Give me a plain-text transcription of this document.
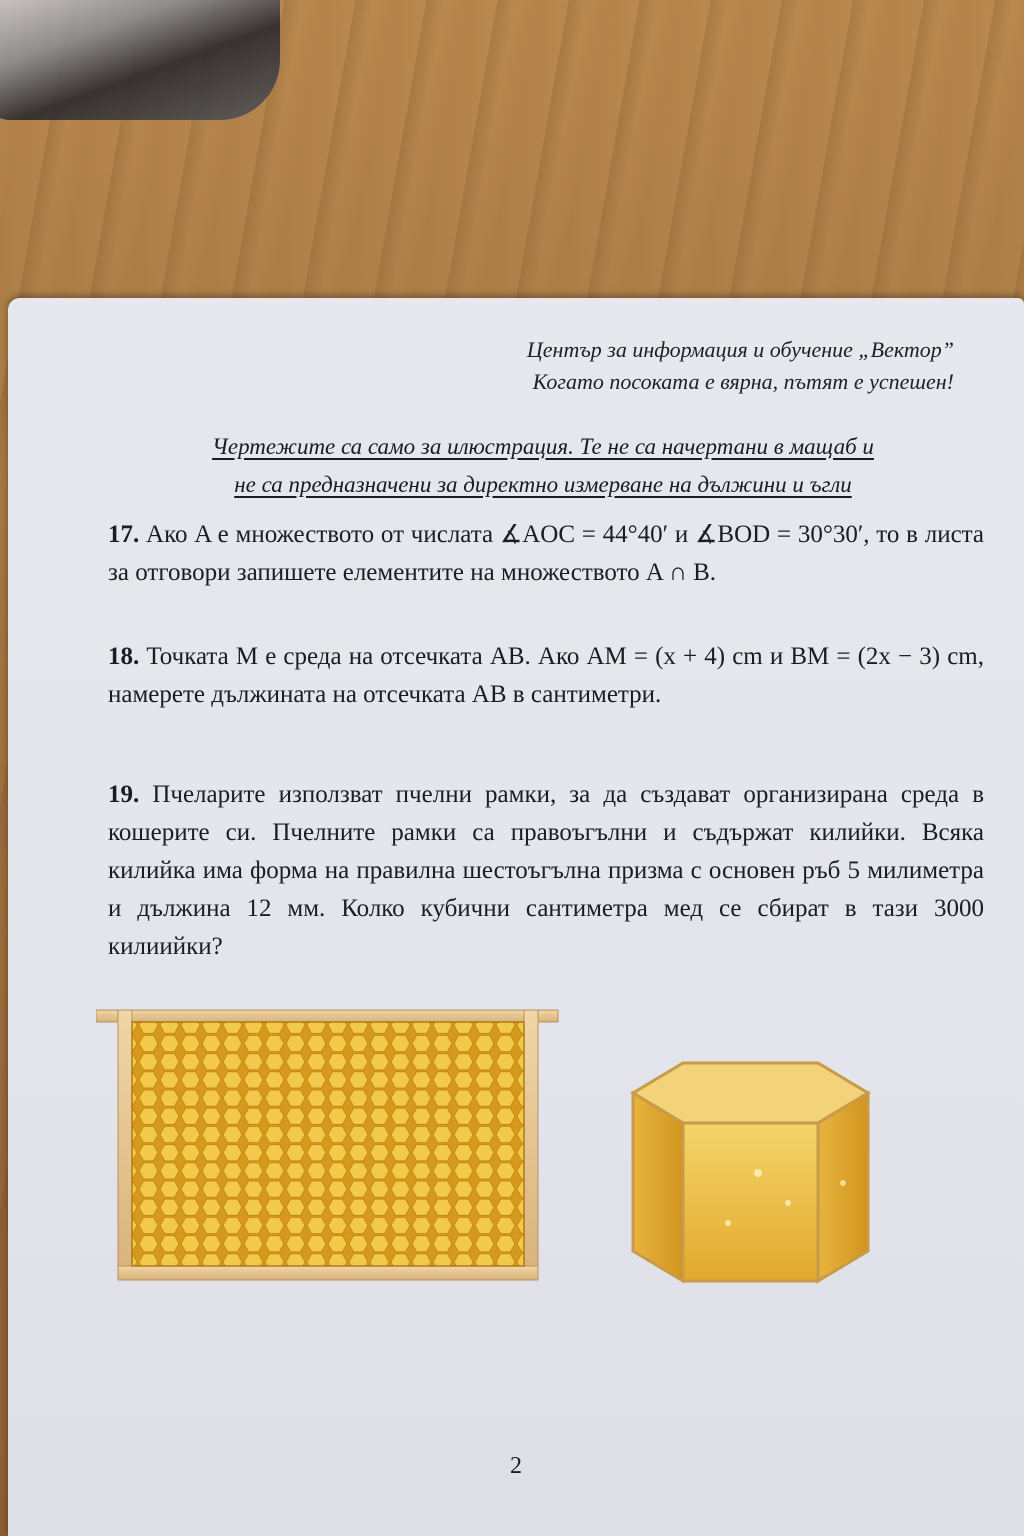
Център за информация и обучение „Вектор”
Когато посоката е вярна, пътят е успешен!
Чертежите са само за илюстрация. Те не са начертани в мащаб и
не са предназначени за директно измерване на дължини и ъгли
17. Ако A е множеството от числата ∡AOC = 44°40′ и ∡BOD = 30°30′, то в листа за отговори запишете елементите на множеството A ∩ B.
18. Точката M е среда на отсечката AB. Ако AM = (x + 4) cm и BM = (2x − 3) cm, намерете дължината на отсечката AB в сантиметри.
19. Пчеларите използват пчелни рамки, за да създават организирана среда в кошерите си. Пчелните рамки са правоъгълни и съдържат килийки. Всяка килийка има форма на правилна шестоъгълна призма с основен ръб 5 милиметра и дължина 12 мм. Колко кубични сантиметра мед се сбират в тази 3000 килиийки?
2
